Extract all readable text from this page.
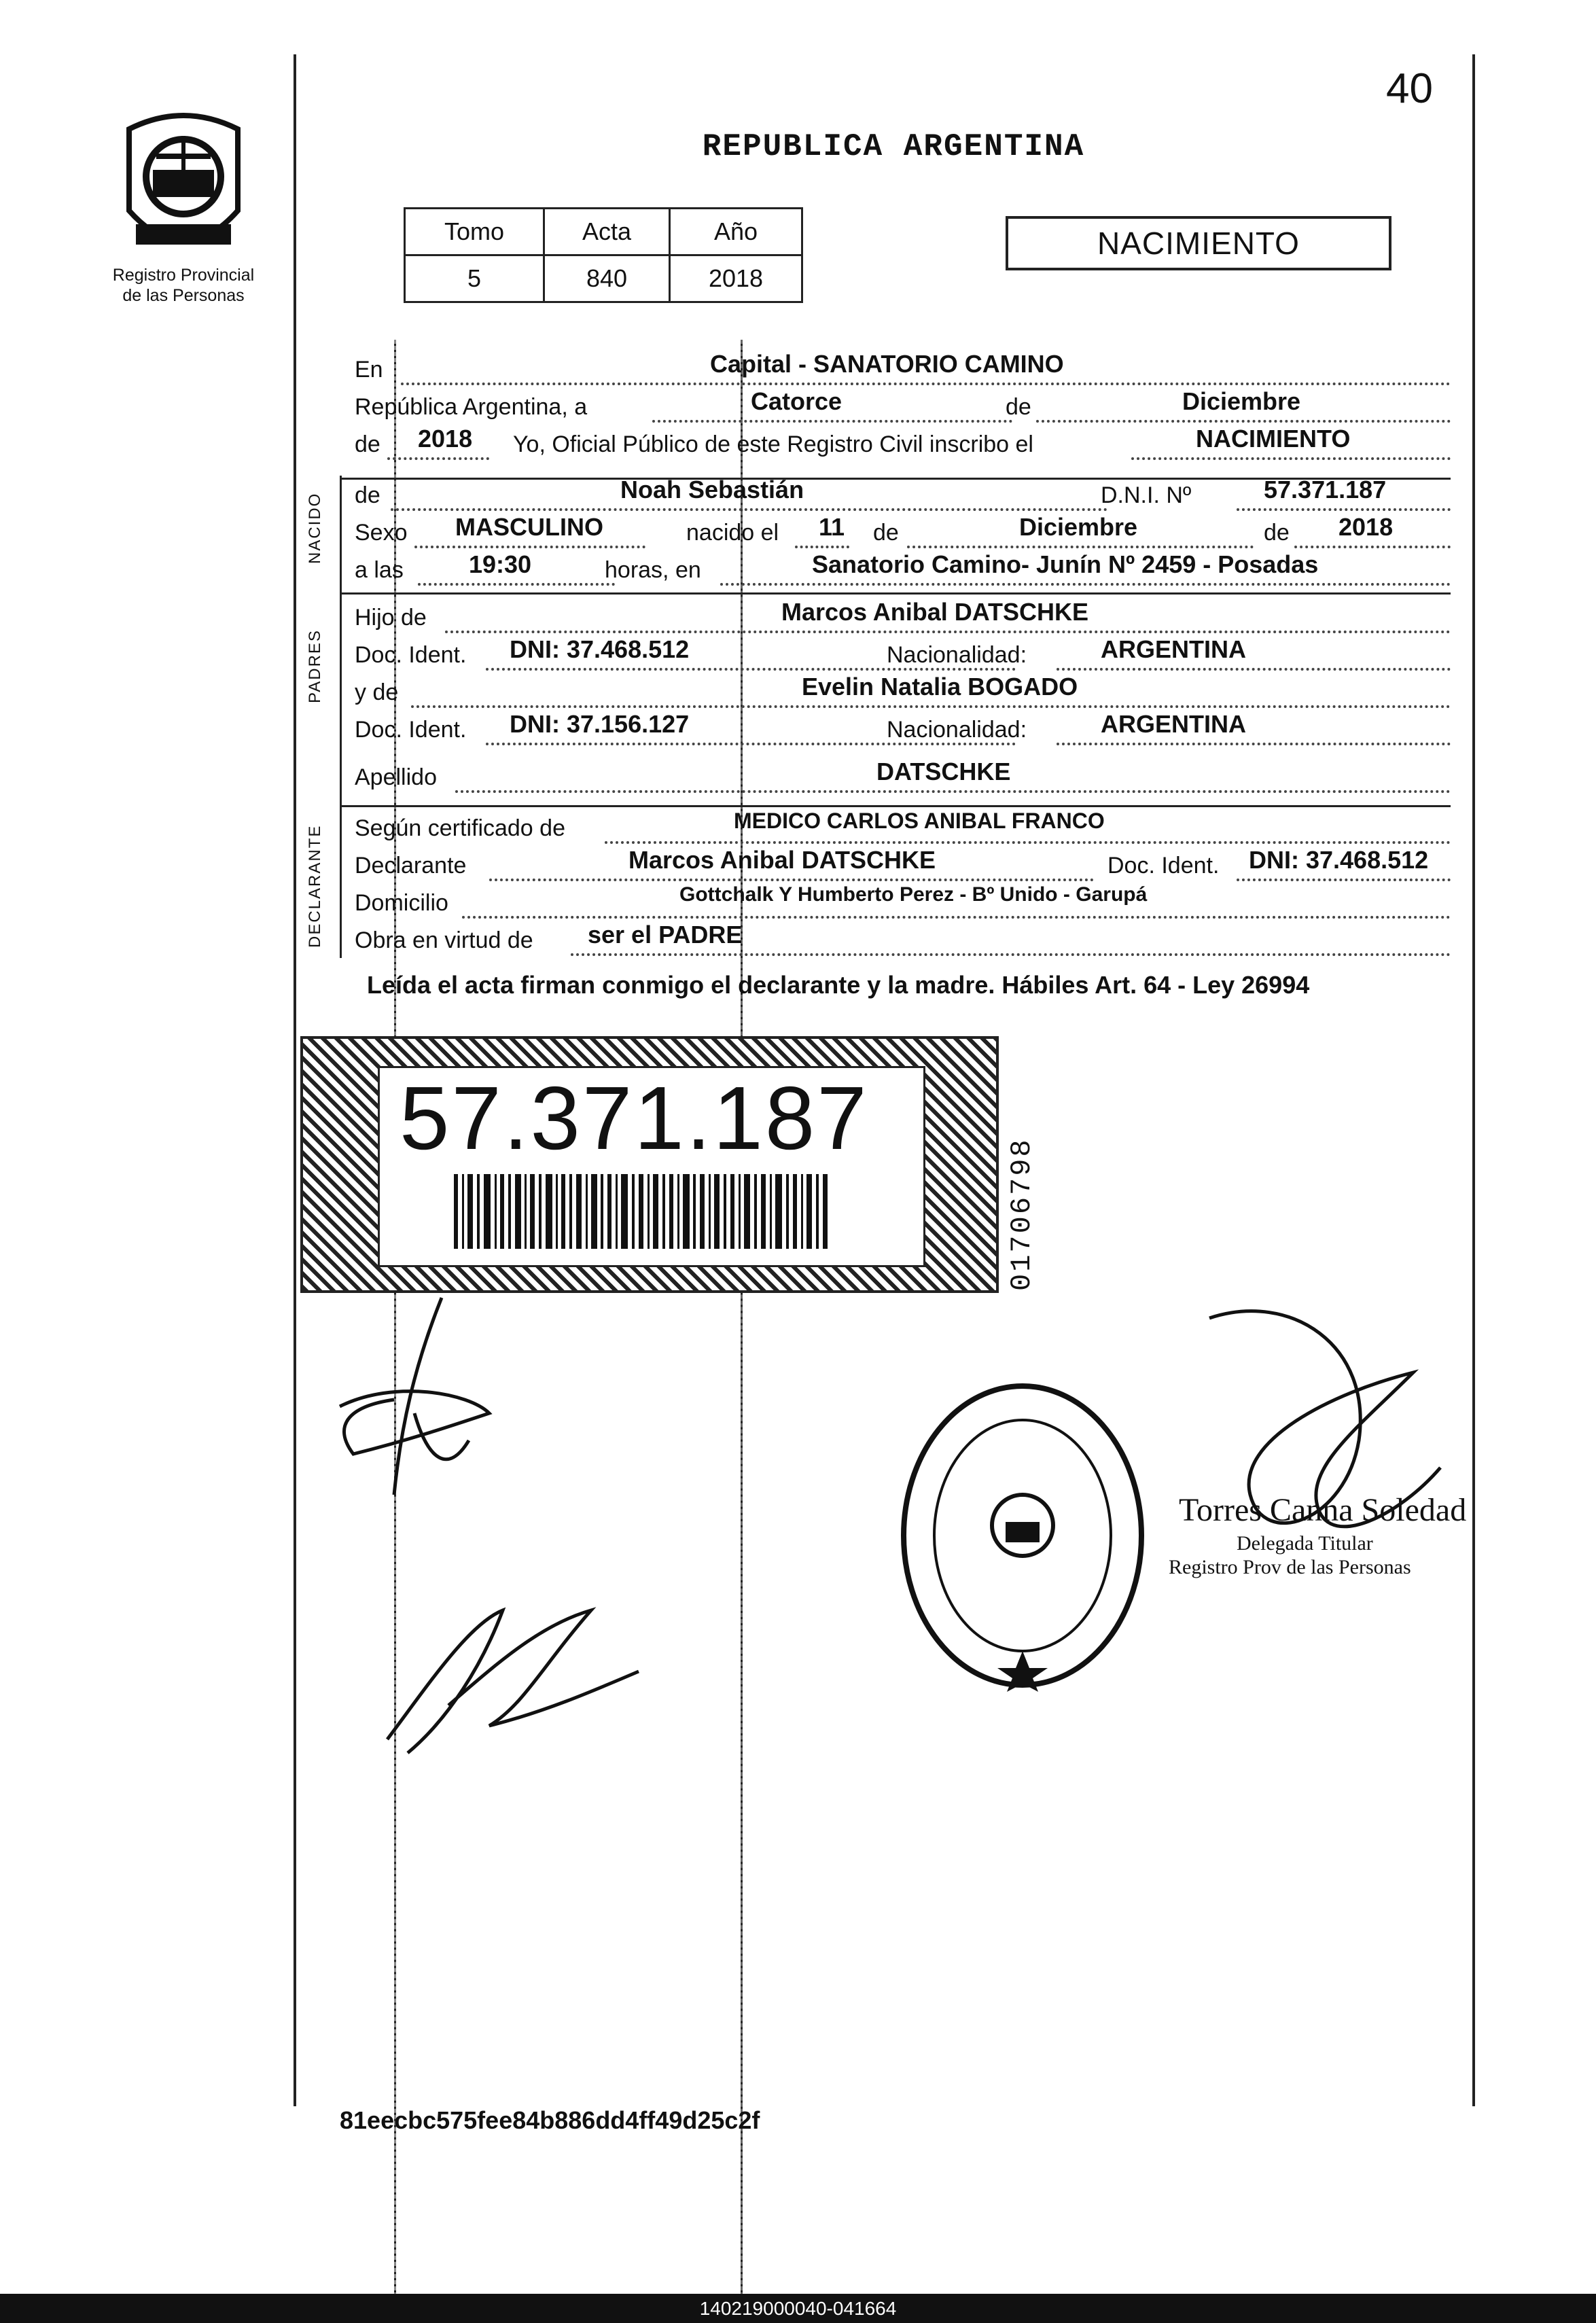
Registro Provincial
de las Personas
40
REPUBLICA ARGENTINA
Tomo	Acta	Año
5	840	2018
NACIMIENTO
NACIDO
PADRES
DECLARANTE
En	Capital - SANATORIO CAMINO
República Argentina, a	Catorce	de	Diciembre
de 2018 Yo, Oficial Público de este Registro Civil inscribo el	NACIMIENTO
de	Noah Sebastián	D.N.I. Nº	57.371.187
Sexo MASCULINO	nacido el 11 de	Diciembre	de 2018
a las	19:30	horas, en	Sanatorio Camino- Junín Nº 2459 - Posadas
Hijo de	Marcos Anibal DATSCHKE
Doc. Ident. DNI: 37.468.512	Nacionalidad:	ARGENTINA
y de	Evelin Natalia BOGADO
Doc. Ident. DNI: 37.156.127	Nacionalidad:	ARGENTINA
Apellido	DATSCHKE
Según certificado de	MEDICO CARLOS ANIBAL FRANCO
Declarante	Marcos Anibal DATSCHKE	Doc. Ident. DNI: 37.468.512
Domicilio	Gottchalk Y Humberto Perez - Bº Unido - Garupá
Obra en virtud de ser el PADRE
Leída el acta firman conmigo el declarante y la madre. Hábiles Art. 64 - Ley 26994
57.371.187
01706798
Torres Canna Soledad
Delegada Titular
Registro Prov de las Personas
81eecbc575fee84b886dd4ff49d25c2f
140219000040-041664
